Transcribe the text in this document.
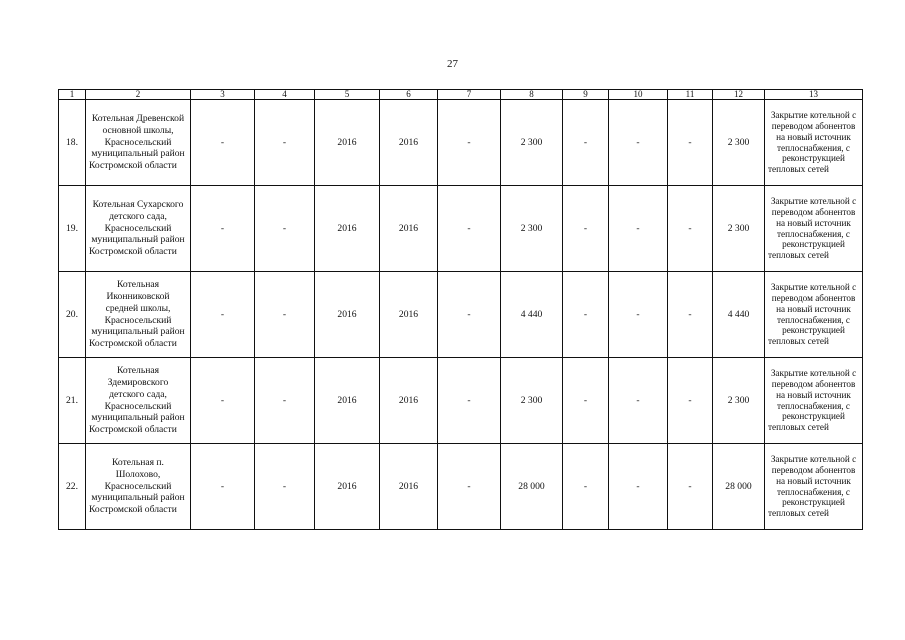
27
1	2	3	4	5	6	7	8	9	10	11	12	13
18.	Котельная Древенской основной школы, Красносельский муниципальный район Костромской области	-	-	2016	2016	-	2 300	-	-	-	2 300	Закрытие котельной с переводом абонентов на новый источник теплоснабжения, с реконструкцией тепловых сетей
19.	Котельная Сухарского детского сада, Красносельский муниципальный район Костромской области	-	-	2016	2016	-	2 300	-	-	-	2 300	Закрытие котельной с переводом абонентов на новый источник теплоснабжения, с реконструкцией тепловых сетей
20.	Котельная Иконниковской средней школы, Красносельский муниципальный район Костромской области	-	-	2016	2016	-	4 440	-	-	-	4 440	Закрытие котельной с переводом абонентов на новый источник теплоснабжения, с реконструкцией тепловых сетей
21.	Котельная Здемировского детского сада, Красносельский муниципальный район Костромской области	-	-	2016	2016	-	2 300	-	-	-	2 300	Закрытие котельной с переводом абонентов на новый источник теплоснабжения, с реконструкцией тепловых сетей
22.	Котельная п. Шолохово, Красносельский муниципальный район Костромской области	-	-	2016	2016	-	28 000	-	-	-	28 000	Закрытие котельной с переводом абонентов на новый источник теплоснабжения, с реконструкцией тепловых сетей
